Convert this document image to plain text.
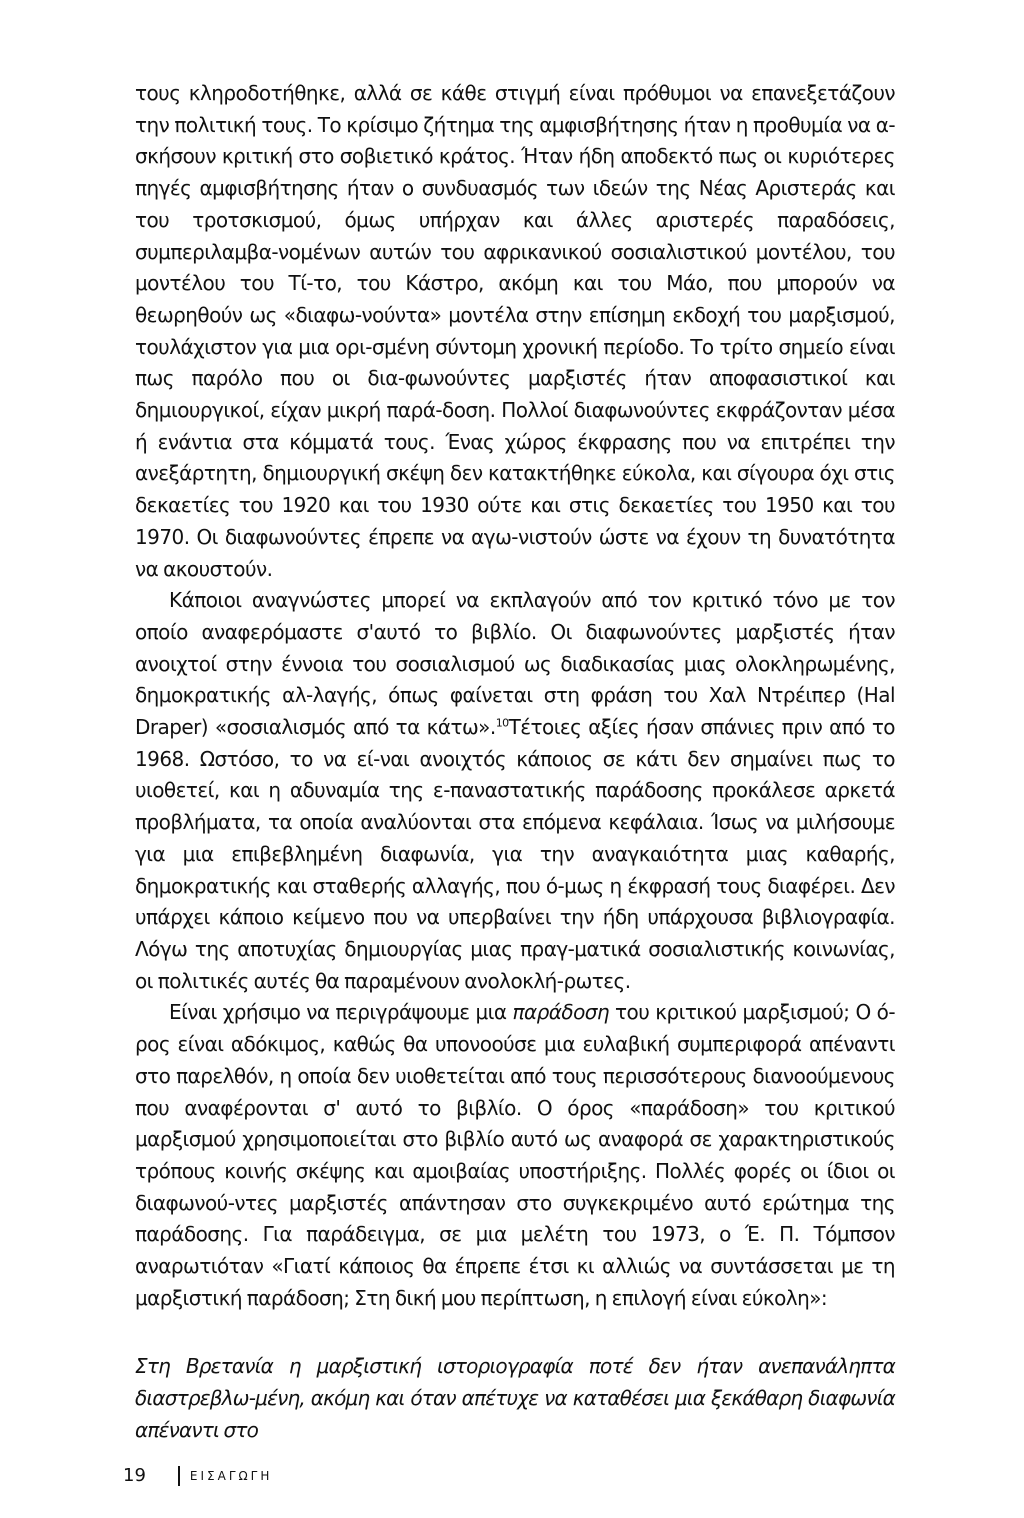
τους κληροδοτήθηκε, αλλά σε κάθε στιγμή είναι πρόθυμοι να επανεξετάζουν την πολιτική τους. Το κρίσιμο ζήτημα της αμφισβήτησης ήταν η προθυμία να α-σκήσουν κριτική στο σοβιετικό κράτος. Ήταν ήδη αποδεκτό πως οι κυριότερες πηγές αμφισβήτησης ήταν ο συνδυασμός των ιδεών της Νέας Αριστεράς και του τροτσκισμού, όμως υπήρχαν και άλλες αριστερές παραδόσεις, συμπεριλαμβα-νομένων αυτών του αφρικανικού σοσιαλιστικού μοντέλου, του μοντέλου του Τί-το, του Κάστρο, ακόμη και του Μάο, που μπορούν να θεωρηθούν ως «διαφω-νούντα» μοντέλα στην επίσημη εκδοχή του μαρξισμού, τουλάχιστον για μια ορι-σμένη σύντομη χρονική περίοδο. Το τρίτο σημείο είναι πως παρόλο που οι δια-φωνούντες μαρξιστές ήταν αποφασιστικοί και δημιουργικοί, είχαν μικρή παρά-δοση. Πολλοί διαφωνούντες εκφράζονταν μέσα ή ενάντια στα κόμματά τους. Ένας χώρος έκφρασης που να επιτρέπει την ανεξάρτητη, δημιουργική σκέψη δεν κατακτήθηκε εύκολα, και σίγουρα όχι στις δεκαετίες του 1920 και του 1930 ούτε και στις δεκαετίες του 1950 και του 1970. Οι διαφωνούντες έπρεπε να αγω-νιστούν ώστε να έχουν τη δυνατότητα να ακουστούν.

Κάποιοι αναγνώστες μπορεί να εκπλαγούν από τον κριτικό τόνο με τον οποίο αναφερόμαστε σ'αυτό το βιβλίο. Οι διαφωνούντες μαρξιστές ήταν ανοιχτοί στην έννοια του σοσιαλισμού ως διαδικασίας μιας ολοκληρωμένης, δημοκρατικής αλ-λαγής, όπως φαίνεται στη φράση του Χαλ Ντρέιπερ (Hal Draper) «σοσιαλισμός από τα κάτω».$^{10}$Τέτοιες αξίες ήσαν σπάνιες πριν από το 1968. Ωστόσο, το να εί-ναι ανοιχτός κάποιος σε κάτι δεν σημαίνει πως το υιοθετεί, και η αδυναμία της ε-παναστατικής παράδοσης προκάλεσε αρκετά προβλήματα, τα οποία αναλύονται στα επόμενα κεφάλαια. Ίσως να μιλήσουμε για μια επιβεβλημένη διαφωνία, για την αναγκαιότητα μιας καθαρής, δημοκρατικής και σταθερής αλλαγής, που ό-μως η έκφρασή τους διαφέρει. Δεν υπάρχει κάποιο κείμενο που να υπερβαίνει την ήδη υπάρχουσα βιβλιογραφία. Λόγω της αποτυχίας δημιουργίας μιας πραγ-ματικά σοσιαλιστικής κοινωνίας, οι πολιτικές αυτές θα παραμένουν ανολοκλή-ρωτες.

Είναι χρήσιμο να περιγράψουμε μια παράδοση του κριτικού μαρξισμού; Ο ό-ρος είναι αδόκιμος, καθώς θα υπονοούσε μια ευλαβική συμπεριφορά απέναντι στο παρελθόν, η οποία δεν υιοθετείται από τους περισσότερους διανοούμενους που αναφέρονται σ' αυτό το βιβλίο. Ο όρος «παράδοση» του κριτικού μαρξισμού χρησιμοποιείται στο βιβλίο αυτό ως αναφορά σε χαρακτηριστικούς τρόπους κοινής σκέψης και αμοιβαίας υποστήριξης. Πολλές φορές οι ίδιοι οι διαφωνού-ντες μαρξιστές απάντησαν στο συγκεκριμένο αυτό ερώτημα της παράδοσης. Για παράδειγμα, σε μια μελέτη του 1973, ο Έ. Π. Τόμπσον αναρωτιόταν «Γιατί κάποιος θα έπρεπε έτσι κι αλλιώς να συντάσσεται με τη μαρξιστική παράδοση; Στη δική μου περίπτωση, η επιλογή είναι εύκολη»:

Στη Βρετανία η μαρξιστική ιστοριογραφία ποτέ δεν ήταν ανεπανάληπτα διαστρεβλω-μένη, ακόμη και όταν απέτυχε να καταθέσει μια ξεκάθαρη διαφωνία απέναντι στο

19	ΕΙΣΑΓΩΓΗ
